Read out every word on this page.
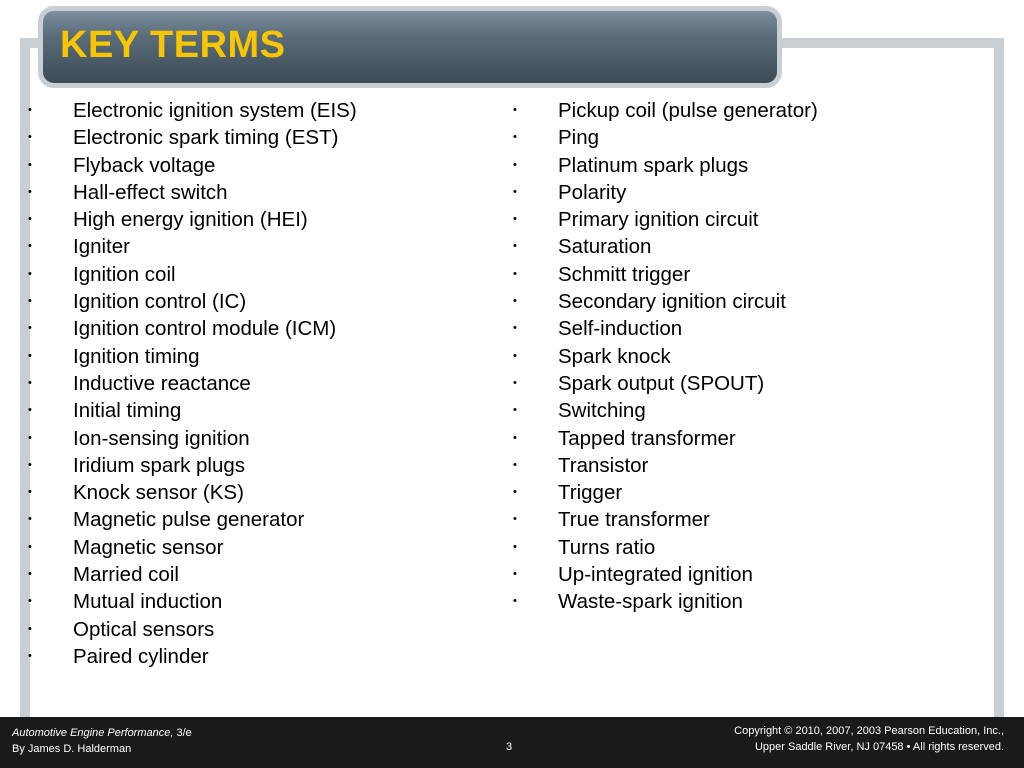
KEY TERMS
• Electronic ignition system (EIS)
• Electronic spark timing (EST)
• Flyback voltage
• Hall-effect switch
• High energy ignition (HEI)
• Igniter
• Ignition coil
• Ignition control (IC)
• Ignition control module (ICM)
• Ignition timing
• Inductive reactance
• Initial timing
• Ion-sensing ignition
• Iridium spark plugs
• Knock sensor (KS)
• Magnetic pulse generator
• Magnetic sensor
• Married coil
• Mutual induction
• Optical sensors
• Paired cylinder
• Pickup coil (pulse generator)
• Ping
• Platinum spark plugs
• Polarity
• Primary ignition circuit
• Saturation
• Schmitt trigger
• Secondary ignition circuit
• Self-induction
• Spark knock
• Spark output (SPOUT)
• Switching
• Tapped transformer
• Transistor
• Trigger
• True transformer
• Turns ratio
• Up-integrated ignition
• Waste-spark ignition
Automotive Engine Performance, 3/e
By James D. Halderman	3
Copyright © 2010, 2007, 2003 Pearson Education, Inc.,
Upper Saddle River, NJ 07458 • All rights reserved.
